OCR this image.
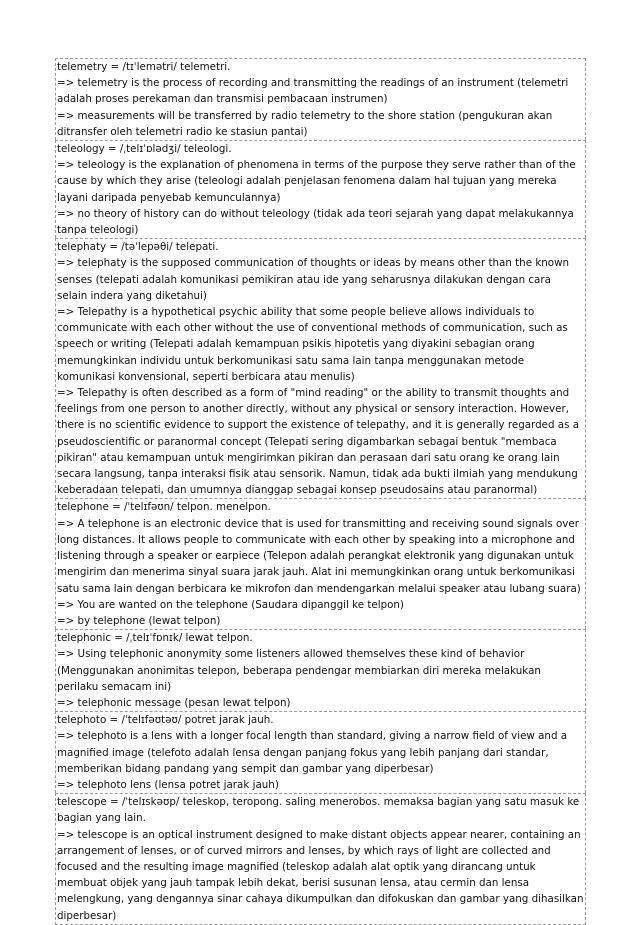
telemetry = /tɪˈlemətri/ telemetri.
=> telemetry is the process of recording and transmitting the readings of an instrument (telemetri adalah proses perekaman dan transmisi pembacaan instrumen)
=> measurements will be transferred by radio telemetry to the shore station (pengukuran akan ditransfer oleh telemetri radio ke stasiun pantai)
teleology = /ˌtelɪˈɒlədʒi/ teleologi.
=> teleology is the explanation of phenomena in terms of the purpose they serve rather than of the cause by which they arise (teleologi adalah penjelasan fenomena dalam hal tujuan yang mereka layani daripada penyebab kemunculannya)
=> no theory of history can do without teleology (tidak ada teori sejarah yang dapat melakukannya tanpa teleologi)
telephaty = /təˈlepəθi/ telepati.
=> telephaty is the supposed communication of thoughts or ideas by means other than the known senses (telepati adalah komunikasi pemikiran atau ide yang seharusnya dilakukan dengan cara selain indera yang diketahui)
=> Telepathy is a hypothetical psychic ability that some people believe allows individuals to communicate with each other without the use of conventional methods of communication, such as speech or writing (Telepati adalah kemampuan psikis hipotetis yang diyakini sebagian orang memungkinkan individu untuk berkomunikasi satu sama lain tanpa menggunakan metode komunikasi konvensional, seperti berbicara atau menulis)
=> Telepathy is often described as a form of "mind reading" or the ability to transmit thoughts and feelings from one person to another directly, without any physical or sensory interaction. However, there is no scientific evidence to support the existence of telepathy, and it is generally regarded as a pseudoscientific or paranormal concept (Telepati sering digambarkan sebagai bentuk "membaca pikiran" atau kemampuan untuk mengirimkan pikiran dan perasaan dari satu orang ke orang lain secara langsung, tanpa interaksi fisik atau sensorik. Namun, tidak ada bukti ilmiah yang mendukung keberadaan telepati, dan umumnya dianggap sebagai konsep pseudosains atau paranormal)
telephone = /ˈtelɪfəʊn/ telpon. menelpon.
=> A telephone is an electronic device that is used for transmitting and receiving sound signals over long distances. It allows people to communicate with each other by speaking into a microphone and listening through a speaker or earpiece (Telepon adalah perangkat elektronik yang digunakan untuk mengirim dan menerima sinyal suara jarak jauh. Alat ini memungkinkan orang untuk berkomunikasi satu sama lain dengan berbicara ke mikrofon dan mendengarkan melalui speaker atau lubang suara)
=> You are wanted on the telephone (Saudara dipanggil ke telpon)
=> by telephone (lewat telpon)
telephonic = /ˌtelɪˈfɒnɪk/ lewat telpon.
=> Using telephonic anonymity some listeners allowed themselves these kind of behavior (Menggunakan anonimitas telepon, beberapa pendengar membiarkan diri mereka melakukan perilaku semacam ini)
=> telephonic message (pesan lewat telpon)
telephoto = /ˈtelɪfəʊtəʊ/ potret jarak jauh.
=> telephoto is a lens with a longer focal length than standard, giving a narrow field of view and a magnified image (telefoto adalah lensa dengan panjang fokus yang lebih panjang dari standar, memberikan bidang pandang yang sempit dan gambar yang diperbesar)
=> telephoto lens (lensa potret jarak jauh)
telescope = /ˈtelɪskəʊp/ teleskop, teropong. saling menerobos. memaksa bagian yang satu masuk ke bagian yang lain.
=> telescope is an optical instrument designed to make distant objects appear nearer, containing an arrangement of lenses, or of curved mirrors and lenses, by which rays of light are collected and focused and the resulting image magnified (teleskop adalah alat optik yang dirancang untuk membuat objek yang jauh tampak lebih dekat, berisi susunan lensa, atau cermin dan lensa melengkung, yang dengannya sinar cahaya dikumpulkan dan difokuskan dan gambar yang dihasilkan diperbesar)
